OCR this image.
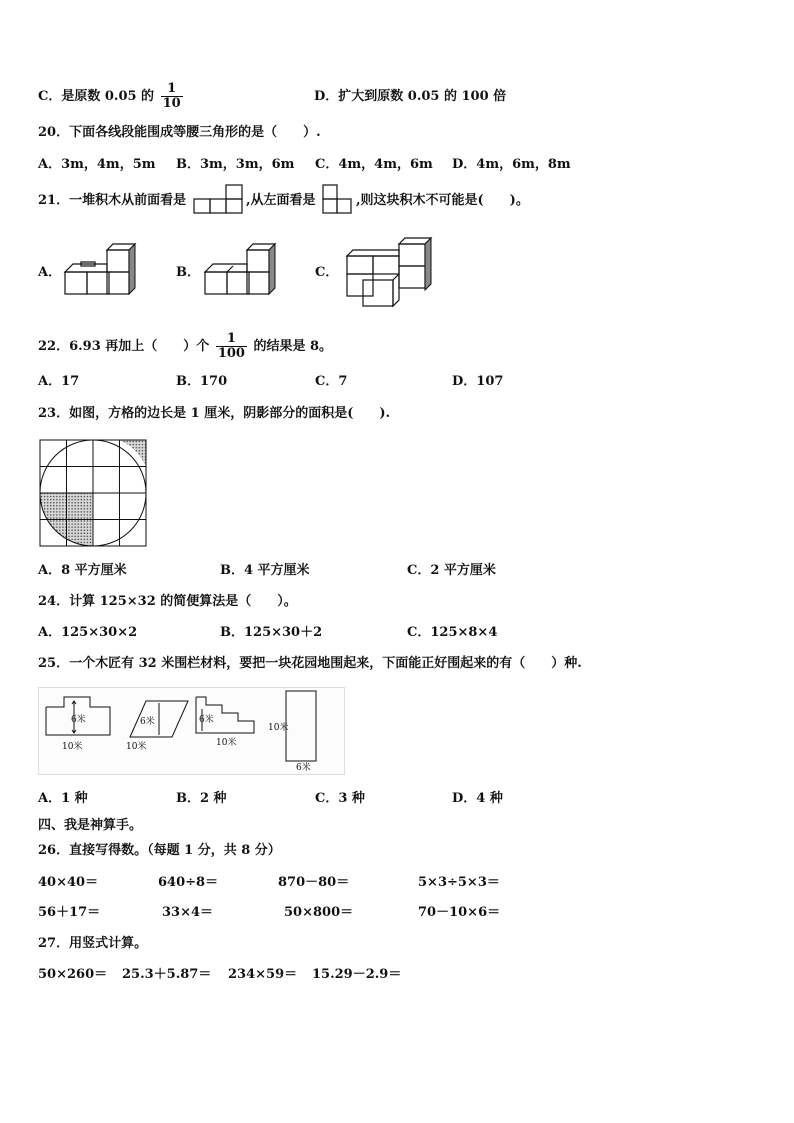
C．是原数 0.05 的 $\frac{1}{10}$	D．扩大到原数 0.05 的 100 倍
20．下面各线段能围成等腰三角形的是（　　）.
A．3m，4m，5m B．3m，3m，6m C．4m，4m，6m D．4m，6m，8m
21．一堆积木从前面看是	,从左面看是	,则这块积木不可能是(　　)。
A．	B．	C．
22．6.93 再加上（　　）个 $\frac{1}{100}$ 的结果是 8。
A．17	B．170	C．7	D．107
23．如图，方格的边长是 1 厘米，阴影部分的面积是(　　).
A．8 平方厘米	B．4 平方厘米	C．2 平方厘米
24．计算 125×32 的简便算法是（　　）。
A．125×30×2	B．125×30＋2	C．125×8×4
25．一个木匠有 32 米围栏材料，要把一块花园地围起来，下面能正好围起来的有（　　）种.
6米
10米
6米
10米
6米
10米
10米
6米
A．1 种	B．2 种	C．3 种	D．4 种
四、我是神算手。
26．直接写得数。（每题 1 分，共 8 分）
40×40＝	640÷8＝	870－80＝	5×3÷5×3＝
56＋17＝	33×4＝	50×800＝	70－10×6＝
27．用竖式计算。
50×260＝ 25.3＋5.87＝ 234×59＝ 15.29－2.9＝
